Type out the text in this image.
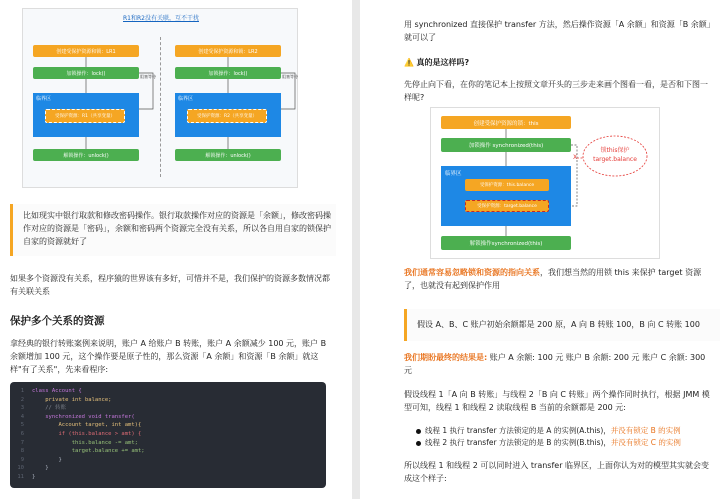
R1和R2没有关联，互不干扰
创建受保护资源和锁：LR1
加锁操作：lock()	阻塞等待
临界区
受保护资源：R1（共享变量）
解锁操作：unlock()
创建受保护资源和锁：LR2
加锁操作：lock()	阻塞等待
临界区
受保护资源：R2（共享变量）
解锁操作：unlock()
比如现实中银行取款和修改密码操作。银行取款操作对应的资源是「余额」，修改密码操作对应的资源是「密码」，余额和密码两个资源完全没有关系，所以各自用自家的锁保护自家的资源就好了
如果多个资源没有关系，程序猿的世界该有多好，可惜并不是，我们保护的资源多数情况都有关联关系
保护多个关系的资源
拿经典的银行转账案例来说明，账户 A 给账户 B 转账，账户 A 余额减少 100 元，账户 B 余额增加 100 元，这个操作要是原子性的，那么资源「A 余额」和资源「B 余额」就这样"有了关系"，先来看程序:
1
2
3
4
5
6
7
8
9
10
11
class Account {
private int balance;
// 转账
synchronized void transfer(
Account target, int amt){
if (this.balance > amt) {
this.balance -= amt;
target.balance += amt;
}
}
}
用 synchronized 直接保护 transfer 方法，然后操作资源「A 余额」和资源「B 余额」就可以了
⚠️ 真的是这样吗?
先停止向下看，在你的笔记本上按照文章开头的三步走来画个图看一看，是否和下图一样呢?
创建受保护资源的锁：this
加锁操作 synchronized(this)
临界区
受保护资源：this.balance
受保护资源：target.balance
解锁操作synchronized(this)
锁this保护
target.balance
X
我们通常容易忽略锁和资源的指向关系，我们想当然的用锁 this 来保护 target 资源了，也就没有起到保护作用
假设 A、B、C 账户初始余额都是 200 原，A 向 B 转账 100，B 向 C 转账 100
我们期盼最终的结果是: 账户 A 余额: 100 元 账户 B 余额: 200 元 账户 C 余额: 300 元
假设线程 1「A 向 B 转账」与线程 2「B 向 C 转账」两个操作同时执行，根据 JMM 模型可知，线程 1 和线程 2 读取线程 B 当前的余额都是 200 元:
线程 1 执行 transfer 方法锁定的是 A 的实例(A.this)，并没有锁定 B 的实例
线程 2 执行 transfer 方法锁定的是 B 的实例(B.this)，并没有锁定 C 的实例
所以线程 1 和线程 2 可以同时进入 transfer 临界区，上面你认为对的模型其实就会变成这个样子:
